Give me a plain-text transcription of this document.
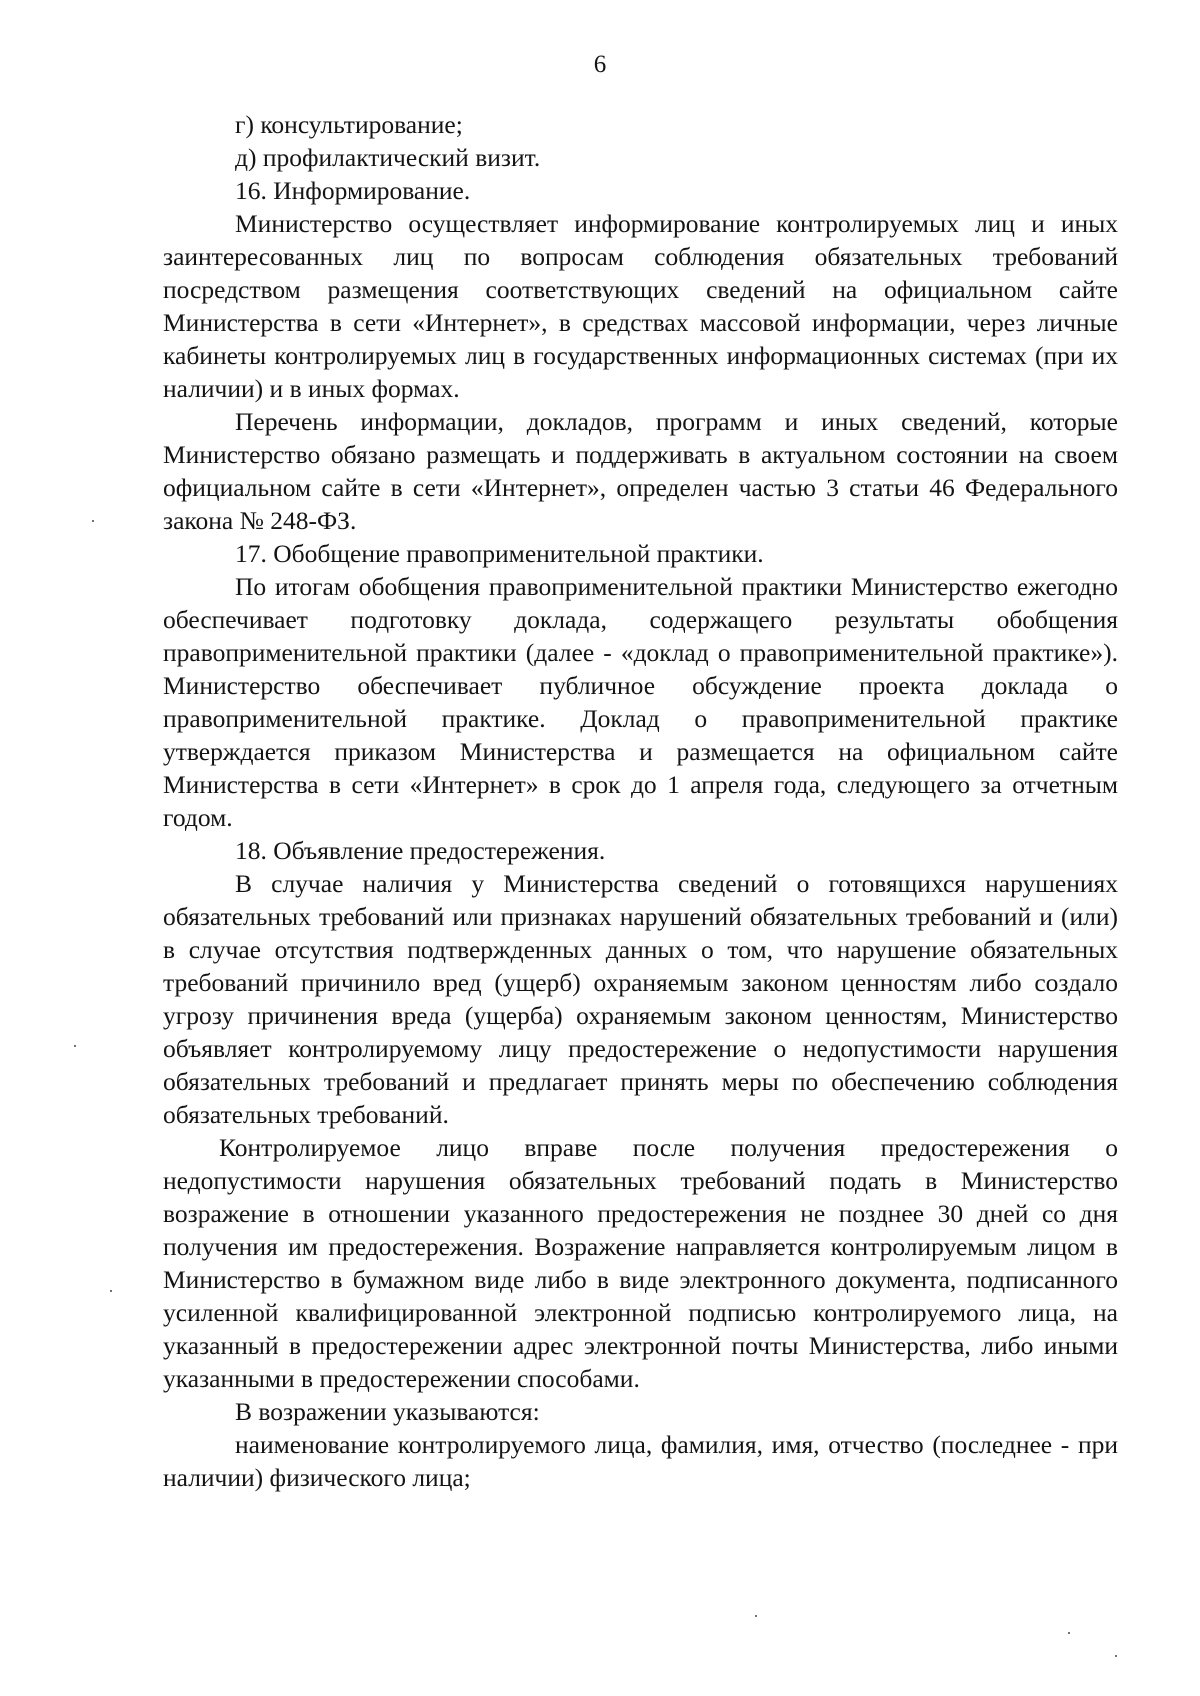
6

г) консультирование;

д) профилактический визит.

16. Информирование.

Министерство осуществляет информирование контролируемых лиц и иных заинтересованных лиц по вопросам соблюдения обязательных требований посредством размещения соответствующих сведений на официальном сайте Министерства в сети «Интернет», в средствах массовой информации, через личные кабинеты контролируемых лиц в государственных информационных системах (при их наличии) и в иных формах.

Перечень информации, докладов, программ и иных сведений, которые Министерство обязано размещать и поддерживать в актуальном состоянии на своем официальном сайте в сети «Интернет», определен частью 3 статьи 46 Федерального закона № 248-ФЗ.

17. Обобщение правоприменительной практики.

По итогам обобщения правоприменительной практики Министерство ежегодно обеспечивает подготовку доклада, содержащего результаты обобщения правоприменительной практики (далее - «доклад о правоприменительной практике»). Министерство обеспечивает публичное обсуждение проекта доклада о правоприменительной практике. Доклад о правоприменительной практике утверждается приказом Министерства и размещается на официальном сайте Министерства в сети «Интернет» в срок до 1 апреля года, следующего за отчетным годом.

18. Объявление предостережения.

В случае наличия у Министерства сведений о готовящихся нарушениях обязательных требований или признаках нарушений обязательных требований и (или) в случае отсутствия подтвержденных данных о том, что нарушение обязательных требований причинило вред (ущерб) охраняемым законом ценностям либо создало угрозу причинения вреда (ущерба) охраняемым законом ценностям, Министерство объявляет контролируемому лицу предостережение о недопустимости нарушения обязательных требований и предлагает принять меры по обеспечению соблюдения обязательных требований.

Контролируемое лицо вправе после получения предостережения о недопустимости нарушения обязательных требований подать в Министерство возражение в отношении указанного предостережения не позднее 30 дней со дня получения им предостережения. Возражение направляется контролируемым лицом в Министерство в бумажном виде либо в виде электронного документа, подписанного усиленной квалифицированной электронной подписью контролируемого лица, на указанный в предостережении адрес электронной почты Министерства, либо иными указанными в предостережении способами.

В возражении указываются:

наименование контролируемого лица, фамилия, имя, отчество (последнее - при наличии) физического лица;
